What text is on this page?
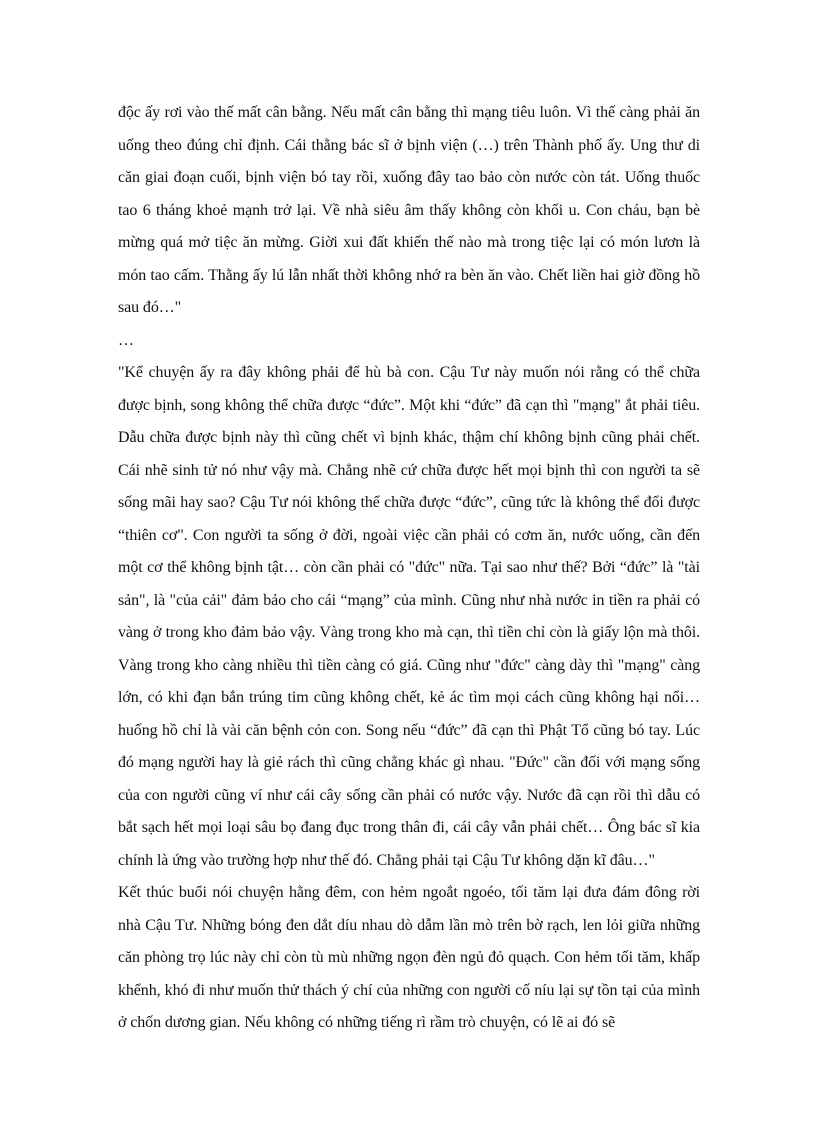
độc ấy rơi vào thế mất cân bằng. Nếu mất cân bằng thì mạng tiêu luôn. Vì thế càng phải ăn uống theo đúng chỉ định. Cái thằng bác sĩ ở bịnh viện (…) trên Thành phố ấy. Ung thư di căn giai đoạn cuối, bịnh viện bó tay rồi, xuống đây tao bảo còn nước còn tát. Uống thuốc tao 6 tháng khoẻ mạnh trở lại. Về nhà siêu âm thấy không còn khối u. Con cháu, bạn bè mừng quá mở tiệc ăn mừng. Giời xui đất khiến thế nào mà trong tiệc lại có món lươn là món tao cấm. Thằng ấy lú lẫn nhất thời không nhớ ra bèn ăn vào. Chết liền hai giờ đồng hồ sau đó…"

…

"Kể chuyện ấy ra đây không phải để hù bà con. Cậu Tư này muốn nói rằng có thể chữa được bịnh, song không thể chữa được “đức”. Một khi “đức” đã cạn thì "mạng" ắt phải tiêu. Dẫu chữa được bịnh này thì cũng chết vì bịnh khác, thậm chí không bịnh cũng phải chết. Cái nhẽ sinh tử nó như vậy mà. Chẳng nhẽ cứ chữa được hết mọi bịnh thì con người ta sẽ sống mãi hay sao? Cậu Tư nói không thể chữa được “đức”, cũng tức là không thể đổi được “thiên cơ". Con người ta sống ở đời, ngoài việc cần phải có cơm ăn, nước uống, cần đến một cơ thể không bịnh tật… còn cần phải có "đức" nữa. Tại sao như thế? Bởi “đức” là "tài sản", là "của cải" đảm bảo cho cái “mạng” của mình. Cũng như nhà nước in tiền ra phải có vàng ở trong kho đảm bảo vậy. Vàng trong kho mà cạn, thì tiền chỉ còn là giấy lộn mà thôi. Vàng trong kho càng nhiều thì tiền càng có giá. Cũng như "đức" càng dày thì "mạng" càng lớn, có khi đạn bắn trúng tim cũng không chết, kẻ ác tìm mọi cách cũng không hại nổi… huống hồ chỉ là vài căn bệnh cỏn con. Song nếu “đức” đã cạn thì Phật Tổ cũng bó tay. Lúc đó mạng người hay là giẻ rách thì cũng chẳng khác gì nhau. "Đức" cần đối với mạng sống của con người cũng ví như cái cây sống cần phải có nước vậy. Nước đã cạn rồi thì dẫu có bắt sạch hết mọi loại sâu bọ đang đục trong thân đi, cái cây vẫn phải chết… Ông bác sĩ kia chính là ứng vào trường hợp như thế đó. Chẳng phải tại Cậu Tư không dặn kĩ đâu…"

Kết thúc buổi nói chuyện hằng đêm, con hẻm ngoắt ngoéo, tối tăm lại đưa đám đông rời nhà Cậu Tư. Những bóng đen dắt díu nhau dò dẫm lần mò trên bờ rạch, len lỏi giữa những căn phòng trọ lúc này chỉ còn tù mù những ngọn đèn ngủ đỏ quạch. Con hẻm tối tăm, khấp khểnh, khó đi như muốn thử thách ý chí của những con người cố níu lại sự tồn tại của mình ở chốn dương gian. Nếu không có những tiếng rì rầm trò chuyện, có lẽ ai đó sẽ
